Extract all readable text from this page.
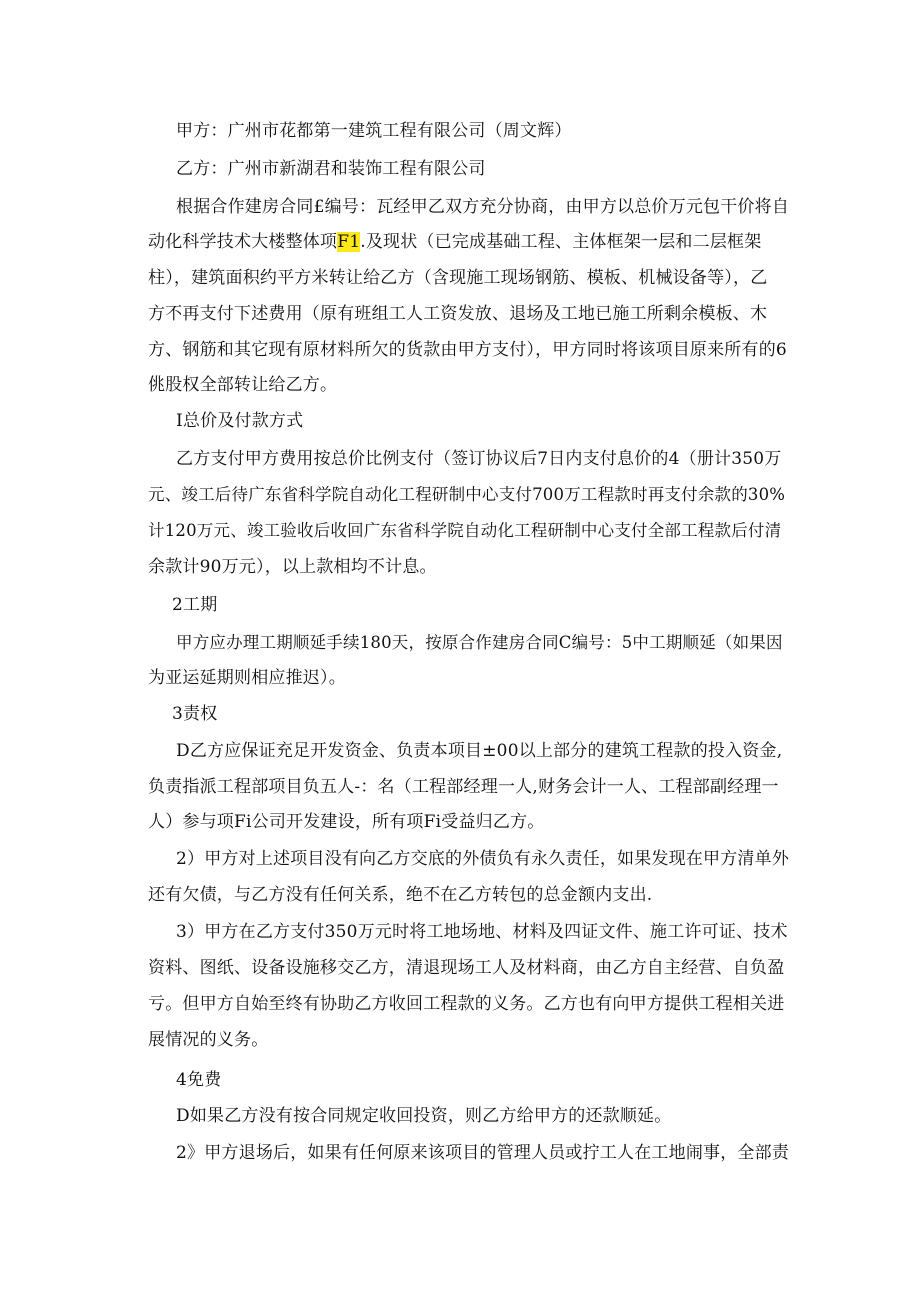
甲方：广州市花都第一建筑工程有限公司（周文辉）
乙方：广州市新湖君和装饰工程有限公司
根据合作建房合同£编号：瓦经甲乙双方充分协商，由甲方以总价万元包干价将自
动化科学技术大楼整体项F1.及现状（已完成基础工程、主体框架一层和二层框架
柱），建筑面积约平方米转让给乙方（含现施工现场钢筋、模板、机械设备等），乙
方不再支付下述费用（原有班组工人工资发放、退场及工地已施工所剩余模板、木
方、钢筋和其它现有原材料所欠的货款由甲方支付），甲方同时将该项目原来所有的6
佻股权全部转让给乙方。
I总价及付款方式
乙方支付甲方费用按总价比例支付（签订协议后7日内支付息价的4（册计350万
元、竣工后待广东省科学院自动化工程研制中心支付700万工程款时再支付余款的30%
计120万元、竣工验收后收回广东省科学院自动化工程研制中心支付全部工程款后付清
余款计90万元），以上款相均不计息。
2工期
甲方应办理工期顺延手续180天，按原合作建房合同C编号：5中工期顺延（如果因
为亚运延期则相应推迟）。
3责权
D乙方应保证充足开发资金、负责本项目±00以上部分的建筑工程款的投入资金,
负责指派工程部项目负五人-：名（工程部经理一人,财务会计一人、工程部副经理一
人）参与项Fi公司开发建设，所有项Fi受益归乙方。
2）甲方对上述项目没有向乙方交底的外债负有永久责任，如果发现在甲方清单外
还有欠债，与乙方没有任何关系，绝不在乙方转包的总金额内支出.
3）甲方在乙方支付350万元时将工地场地、材料及四证文件、施工许可证、技术
资料、图纸、设备设施移交乙方，清退现场工人及材料商，由乙方自主经营、自负盈
亏。但甲方自始至终有协助乙方收回工程款的义务。乙方也有向甲方提供工程相关进
展情况的义务。
4免费
D如果乙方没有按合同规定收回投资，则乙方给甲方的还款顺延。
2》甲方退场后，如果有任何原来该项目的管理人员或拧工人在工地闹事，全部责
